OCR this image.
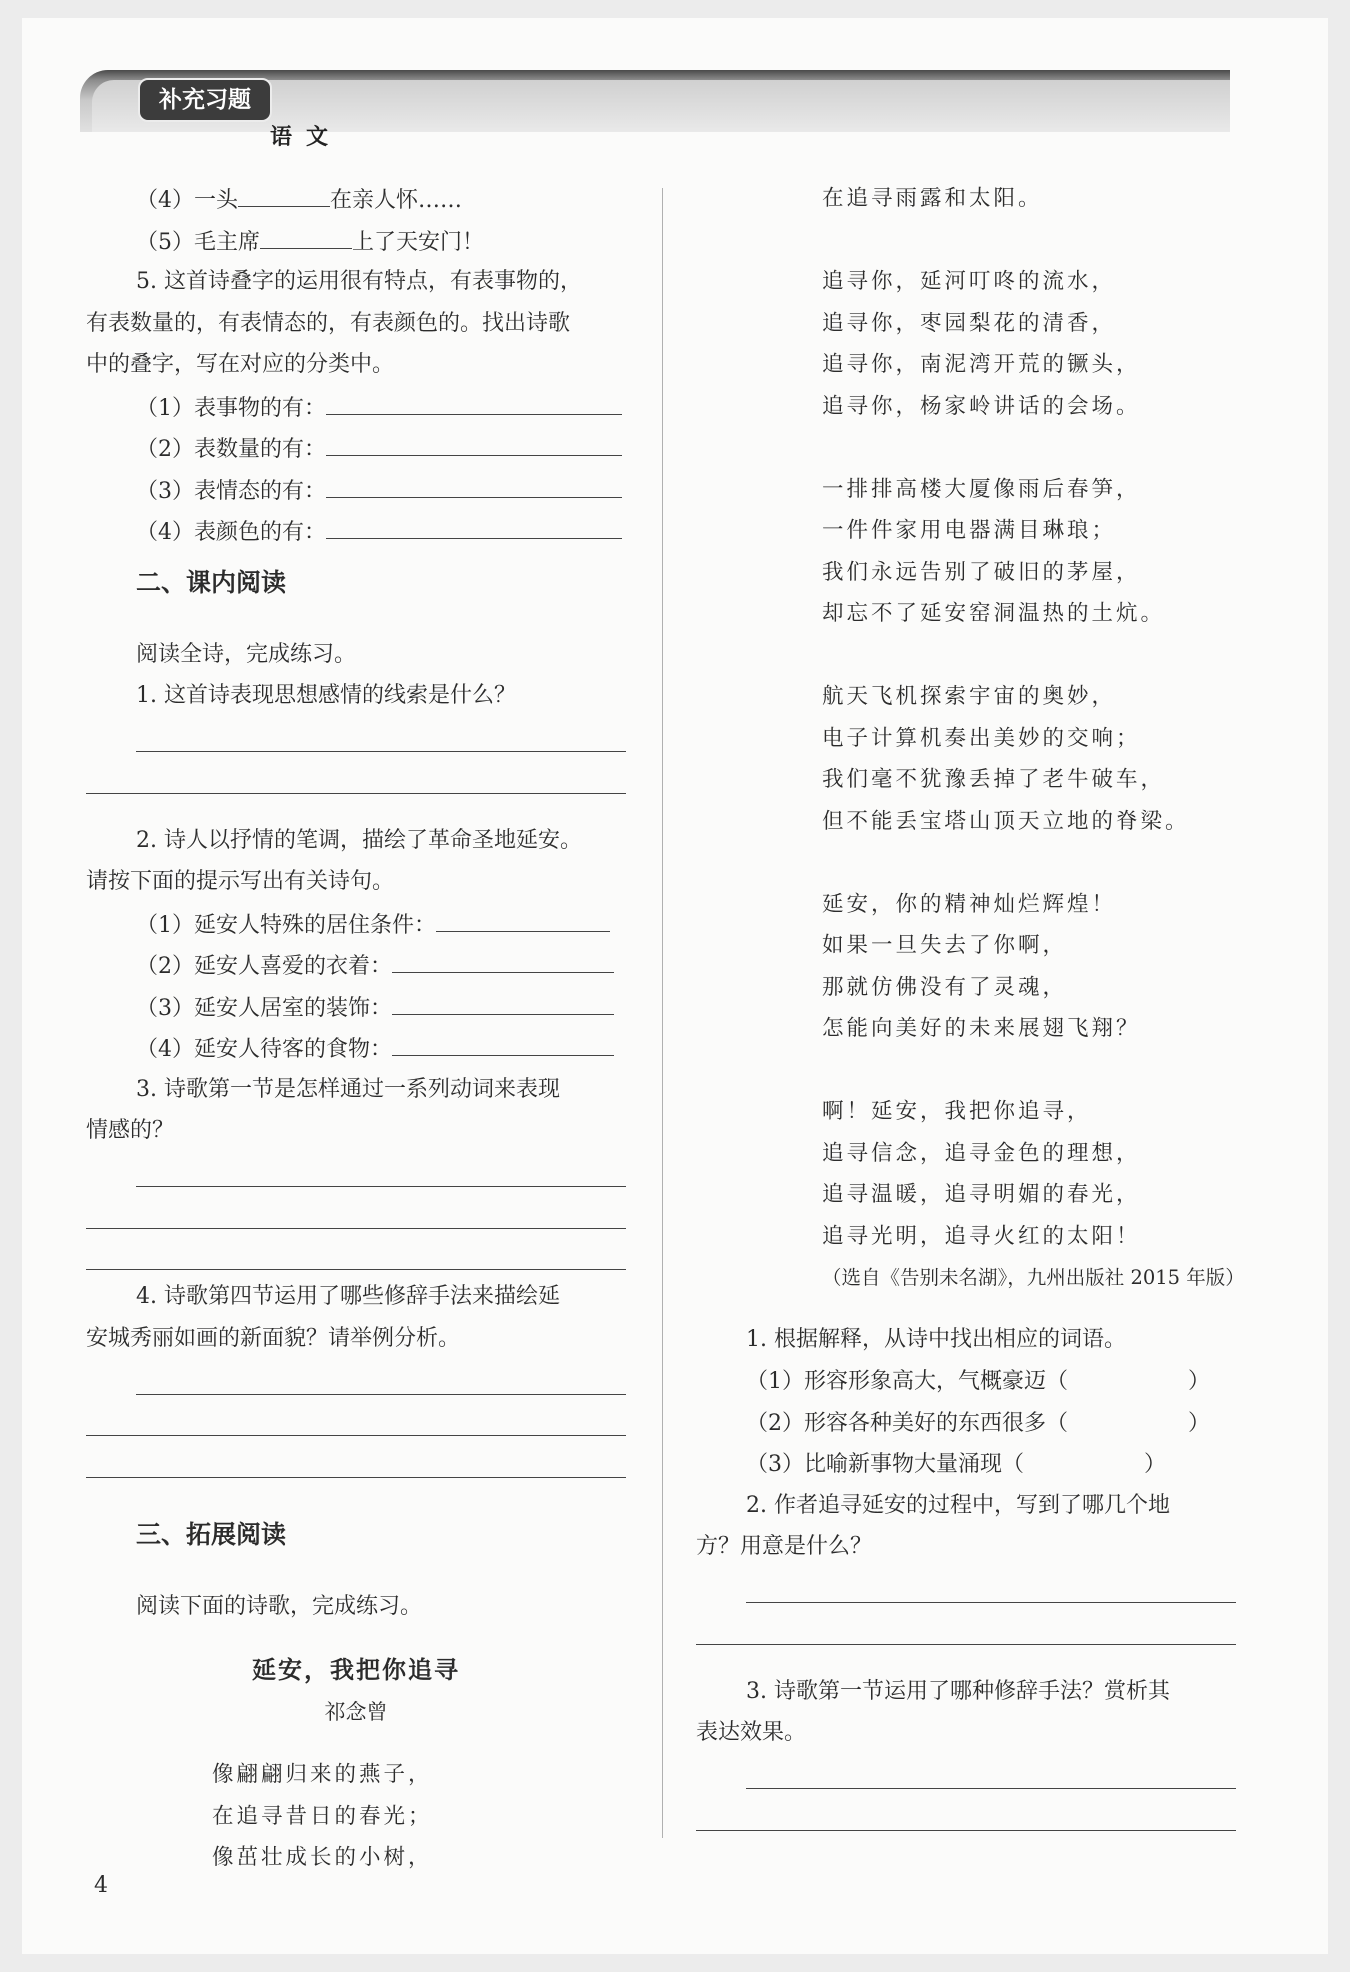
补充习题
语文
（4）一头	在亲人怀……
（5）毛主席	上了天安门！
5. 这首诗叠字的运用很有特点，有表事物的，
有表数量的，有表情态的，有表颜色的。找出诗歌
中的叠字，写在对应的分类中。
（1）表事物的有：
（2）表数量的有：
（3）表情态的有：
（4）表颜色的有：
二、课内阅读
阅读全诗，完成练习。
1. 这首诗表现思想感情的线索是什么？
2. 诗人以抒情的笔调，描绘了革命圣地延安。
请按下面的提示写出有关诗句。
（1）延安人特殊的居住条件：
（2）延安人喜爱的衣着：
（3）延安人居室的装饰：
（4）延安人待客的食物：
3. 诗歌第一节是怎样通过一系列动词来表现
情感的？
4. 诗歌第四节运用了哪些修辞手法来描绘延
安城秀丽如画的新面貌？请举例分析。
三、拓展阅读
阅读下面的诗歌，完成练习。
延安，我把你追寻
祁念曾
像翩翩归来的燕子，
在追寻昔日的春光；
像茁壮成长的小树，
在追寻雨露和太阳。
追寻你，延河叮咚的流水，
追寻你，枣园梨花的清香，
追寻你，南泥湾开荒的镢头，
追寻你，杨家岭讲话的会场。
一排排高楼大厦像雨后春笋，
一件件家用电器满目琳琅；
我们永远告别了破旧的茅屋，
却忘不了延安窑洞温热的土炕。
航天飞机探索宇宙的奥妙，
电子计算机奏出美妙的交响；
我们毫不犹豫丢掉了老牛破车，
但不能丢宝塔山顶天立地的脊梁。
延安，你的精神灿烂辉煌！
如果一旦失去了你啊，
那就仿佛没有了灵魂，
怎能向美好的未来展翅飞翔？
啊！延安，我把你追寻，
追寻信念，追寻金色的理想，
追寻温暖，追寻明媚的春光，
追寻光明，追寻火红的太阳！
（选自《告别未名湖》，九州出版社 2015 年版）
1. 根据解释，从诗中找出相应的词语。
（1）形容形象高大，气概豪迈（	）
（2）形容各种美好的东西很多（	）
（3）比喻新事物大量涌现（	）
2. 作者追寻延安的过程中，写到了哪几个地
方？用意是什么？
3. 诗歌第一节运用了哪种修辞手法？赏析其
表达效果。
4
